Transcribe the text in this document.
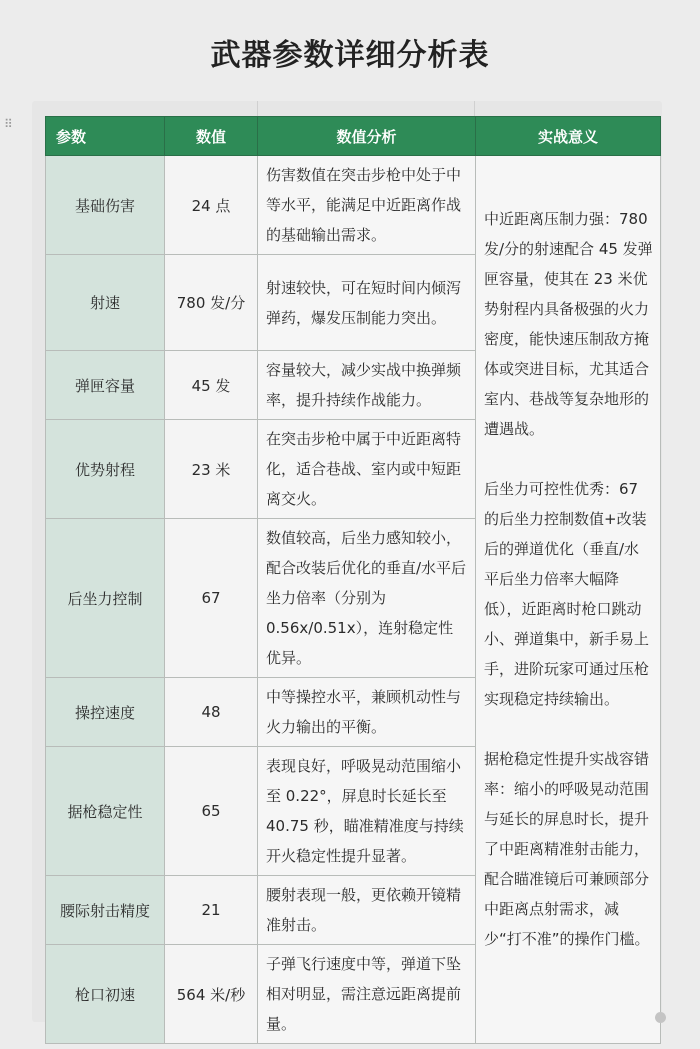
武器参数详细分析表
⠿
参数	数值	数值分析	实战意义
基础伤害	24 点	伤害数值在突击步枪中处于中等水平，能满足中近距离作战的基础输出需求。	中近距离压制力强：780 发/分的射速配合 45 发弹匣容量，使其在 23 米优势射程内具备极强的火力密度，能快速压制敌方掩体或突进目标，尤其适合室内、巷战等复杂地形的遭遇战。
后坐力可控性优秀：67 的后坐力控制数值+改装后的弹道优化（垂直/水平后坐力倍率大幅降低），近距离时枪口跳动小、弹道集中，新手易上手，进阶玩家可通过压枪实现稳定持续输出。
据枪稳定性提升实战容错率：缩小的呼吸晃动范围与延长的屏息时长，提升了中距离精准射击能力，配合瞄准镜后可兼顾部分中距离点射需求，减少“打不准”的操作门槛。

射速	780 发/分	射速较快，可在短时间内倾泻弹药，爆发压制能力突出。	
弹匣容量	45 发	容量较大，减少实战中换弹频率，提升持续作战能力。	
优势射程	23 米	在突击步枪中属于中近距离特化，适合巷战、室内或中短距离交火。	
后坐力控制	67	数值较高，后坐力感知较小，配合改装后优化的垂直/水平后坐力倍率（分别为 0.56x/0.51x），连射稳定性优异。	
操控速度	48	中等操控水平，兼顾机动性与火力输出的平衡。	
据枪稳定性	65	表现良好，呼吸晃动范围缩小至 0.22°，屏息时长延长至 40.75 秒，瞄准精准度与持续开火稳定性提升显著。	
腰际射击精度	21	腰射表现一般，更依赖开镜精准射击。	
枪口初速	564 米/秒	子弹飞行速度中等，弹道下坠相对明显，需注意远距离提前量。	
